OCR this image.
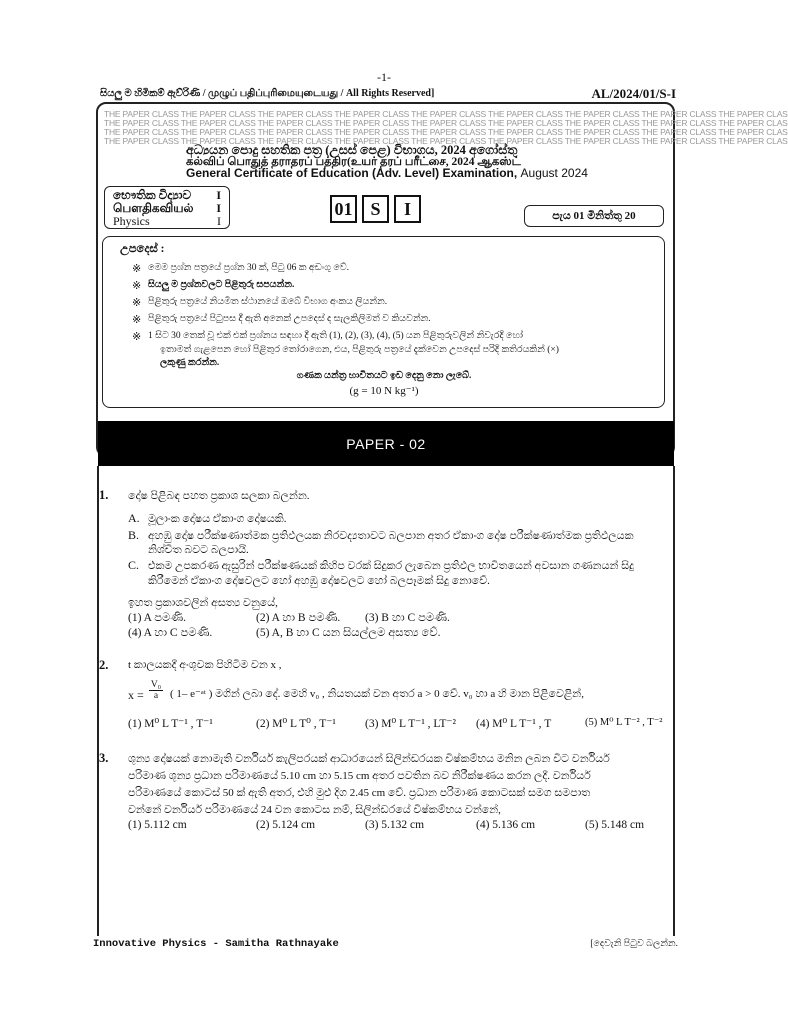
-1-
සියලු ම හිමිකම් ඇව්රිණි / முழுப் பதிப்புரிமையுடையது / All Rights Reserved]	AL/2024/01/S-I
THE PAPER CLASS THE PAPER CLASS THE PAPER CLASS THE PAPER CLASS THE PAPER CLASS THE PAPER CLASS THE PAPER CLASS THE PAPER CLASS THE PAPER CLAS
THE PAPER CLASS THE PAPER CLASS THE PAPER CLASS THE PAPER CLASS THE PAPER CLASS THE PAPER CLASS THE PAPER CLASS THE PAPER CLASS THE PAPER CLAS
THE PAPER CLASS THE PAPER CLASS THE PAPER CLASS THE PAPER CLASS THE PAPER CLASS THE PAPER CLASS THE PAPER CLASS THE PAPER CLASS THE PAPER CLAS
THE PAPER CLASS THE PAPER CLASS THE PAPER CLASS THE PAPER CLASS THE PAPER CLASS THE PAPER CLASS THE PAPER CLASS THE PAPER CLASS THE PAPER CLAS
අධ්‍යයන පොදු සහතික පත්‍ර (උසස් පෙළ) විභාගය, 2024 අගෝස්තු
கல்விப் பொதுத் தராதரப் பத்திர(உயர் தரப் பரீட்சை, 2024 ஆகஸ்ட்
General Certificate of Education (Adv. Level) Examination, August 2024
භෞතික විද්‍යාව I
பௌதிகவியல் I
Physics	I
01 S	I	පැය 01 මිනිත්තු 20
උපදෙස් :
※ මෙම ප්‍රශ්න පත්‍රයේ ප්‍රශ්න 30 ක්, පිටු 06 ක අඩංගු වේ.
※ සියලු ම ප්‍රශ්නවලට පිළිතුරු සපයන්න.
※ පිළිතුරු පත්‍රයේ නියමිත ස්ථානයේ ඔබේ විභාග අංකය ලියන්න.
※ පිළිතුරු පත්‍රයේ පිටුපස දී ඇති අනෙක් උපදෙස් ද සැලකිලිමත් ව කියවන්න.
※ 1 සිට 30 තෙක් වූ එක් එක් ප්‍රශ්නය සඳහා දී ඇති (1), (2), (3), (4), (5) යන පිළිතුරුවලින් නිවැරදි හෝ
ඉතාමත් ගැළපෙන හෝ පිළිතුර තෝරාගෙන, එය, පිළිතුරු පත්‍රයේ දැක්වෙන උපදෙස් පරිදි කතිරයකින් (×)
ලකුණු කරන්න.
ගණක යන්ත්‍ර භාවිතයට ඉඩ දෙනු නො ලැබේ.
(g = 10 N kg⁻¹)
PAPER - 02
1. දෝෂ පිළිබඳ පහත ප්‍රකාශ සලකා බලන්න.
A. මූලාංක දෝෂය ඒකාංග දෝෂයකි.
B. අහඹු දෝෂ පරීක්ෂණාත්මක ප්‍රතිඵලයක නිරවද්‍යතාවට බලපාන අතර ඒකාංග දෝෂ පරීක්ෂණාත්මක ප්‍රතිඵලයක
නිශ්චිත බවට බලපායි.
C. එකම උපකරණ ඇසුරින් පරීක්ෂණයක් කිහිප වරක් සිදුකර ලැබෙන ප්‍රතිඵල භාවිතයෙන් අවසාන ගණනයන් සිදු
කිරීමෙන් ඒකාංග දෝෂවලට හෝ අහඹු දෝෂවලට හෝ බලපෑමක් සිදු නොවේ.
ඉහත ප්‍රකාශවලින් අසත්‍ය වනුයේ,
(1) A පමණි.	(2) A හා B පමණි. (3) B හා C පමණි.
(4) A හා C පමණි.	(5) A, B හා C යන සියල්ලම අසත්‍ය වේ.
2. t කාලයකදී අංශුවක පිහිටීම වන x ,
$x = \frac{\text{V₀}}{a}$ ( 1– e⁻ᵃᵗ ) මගින් ලබා දේ. මෙහි v₀ , නියතයක් වන අතර a > 0 වේ. v₀ හා a හි මාන පිළිවෙළින්,
(1) M⁰ L T⁻¹ , T⁻¹	(2) M⁰ L T⁰ , T⁻¹	(3) M⁰ L T⁻¹ , LT⁻² (4) M⁰ L T⁻¹ , T	(5) M⁰ L T⁻² , T⁻²
3. ශුන්‍ය දෝෂයක් නොමැති වර්නියර් කැලිපරයක් ආධාරයෙන් සිලින්ඩරයක විෂ්කම්භය මනින ලබන විට වර්නියර්
පරිමාණ ශුන්‍ය ප්‍රධාන පරිමාණයේ 5.10 cm හා 5.15 cm අතර පවතින බව නිරීක්ෂණය කරන ලදී. වර්නියර්
පරිමාණයේ කොටස් 50 ක් ඇති අතර, එහි මුළු දිග 2.45 cm වේ. ප්‍රධාන පරිමාණ කොටසක් සමග සමපාත
වන්නේ වර්නියර් පරිමාණයේ 24 වන කොටස නම්, සිලින්ඩරයේ විෂ්කම්භය වන්නේ,
(1) 5.112 cm	(2) 5.124 cm	(3) 5.132 cm	(4) 5.136 cm	(5) 5.148 cm
Innovative Physics - Samitha Rathnayake	[දෙවැනි පිටුව බලන්න.
